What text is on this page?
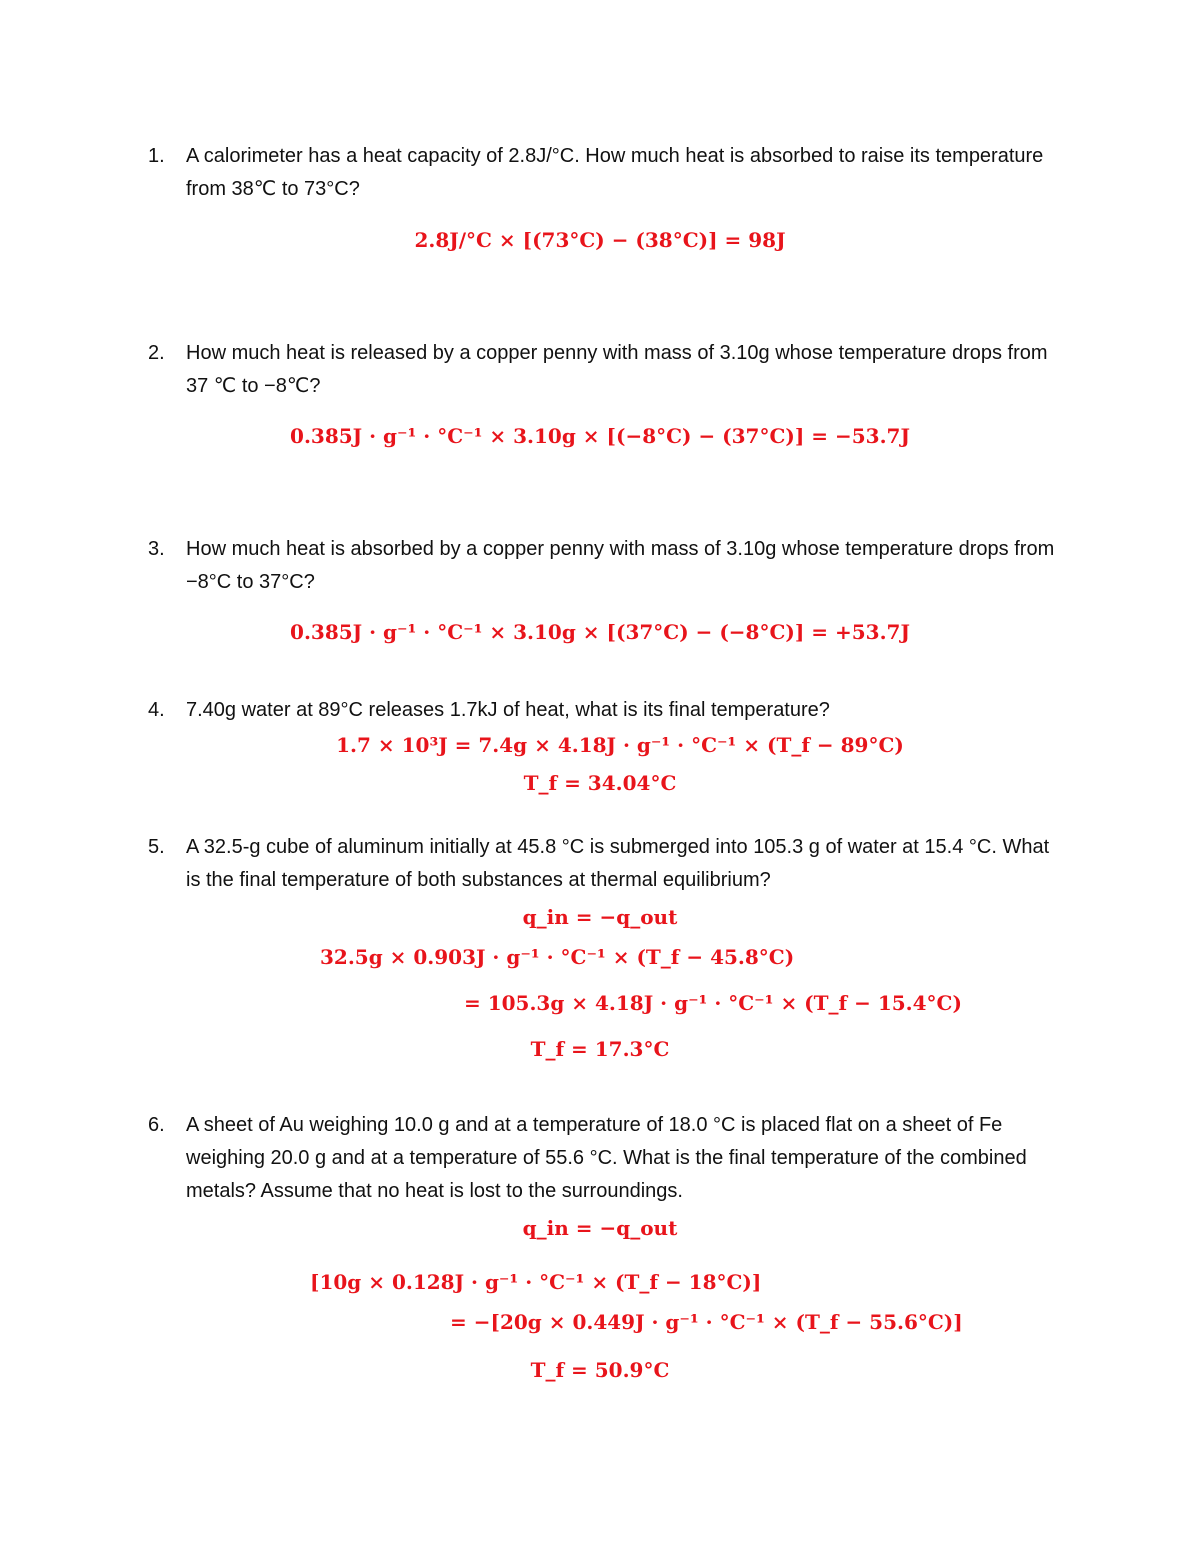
1. A calorimeter has a heat capacity of 2.8J/°C. How much heat is absorbed to raise its temperature from 38℃ to 73°C?
2.8J/°C × [(73°C) − (38°C)] = 98J
2. How much heat is released by a copper penny with mass of 3.10g whose temperature drops from 37 ℃ to −8℃?
0.385J · g⁻¹ · °C⁻¹ × 3.10g × [(−8°C) − (37°C)] = −53.7J
3. How much heat is absorbed by a copper penny with mass of 3.10g whose temperature drops from −8°C to 37°C?
0.385J · g⁻¹ · °C⁻¹ × 3.10g × [(37°C) − (−8°C)] = +53.7J
4. 7.40g water at 89°C releases 1.7kJ of heat, what is its final temperature?
1.7 × 10³J = 7.4g × 4.18J · g⁻¹ · °C⁻¹ × (T_f − 89°C)
T_f = 34.04°C
5. A 32.5-g cube of aluminum initially at 45.8 °C is submerged into 105.3 g of water at 15.4 °C. What is the final temperature of both substances at thermal equilibrium?
q_in = −q_out
32.5g × 0.903J · g⁻¹ · °C⁻¹ × (T_f − 45.8°C)
= 105.3g × 4.18J · g⁻¹ · °C⁻¹ × (T_f − 15.4°C)
T_f = 17.3°C
6. A sheet of Au weighing 10.0 g and at a temperature of 18.0 °C is placed flat on a sheet of Fe weighing 20.0 g and at a temperature of 55.6 °C. What is the final temperature of the combined metals? Assume that no heat is lost to the surroundings.
q_in = −q_out
[10g × 0.128J · g⁻¹ · °C⁻¹ × (T_f − 18°C)]
= −[20g × 0.449J · g⁻¹ · °C⁻¹ × (T_f − 55.6°C)]
T_f = 50.9°C
